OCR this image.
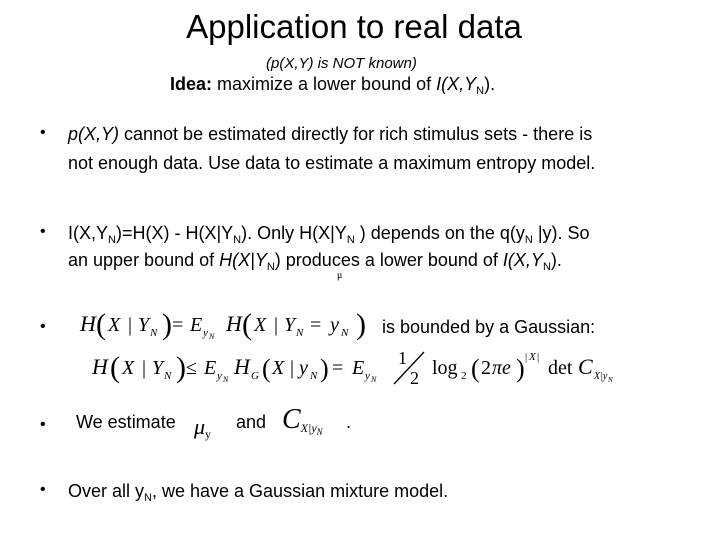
Application to real data
(p(X,Y) is NOT known)
Idea: maximize a lower bound of $I(X,Y_N)$.
• p(X,Y) cannot be estimated directly for rich stimulus sets - there is
not enough data. Use data to estimate a maximum entropy model.
• $I(X,Y_N)=H(X) - H(X|Y_N)$. Only $H(X|Y_N$ ) depends on the $q(y_N$ |y). So
an upper bound of $H(X|Y_N)$ produces a lower bound of $I(X,Y_N)$.
μ
• H ( X | Y N ) = E y N
H ( X | Y N = y N ) is bounded by a Gaussian:
H ( X | Y N ) ≤ E y N
H G ( X | y N ) = E y N
1
2 log 2 ( 2 πe ) | X | det C X|y N
• We estimate $\mu_y$
and $C_{X|y_N}$ .
• Over all $y_N$, we have a Gaussian mixture model.
